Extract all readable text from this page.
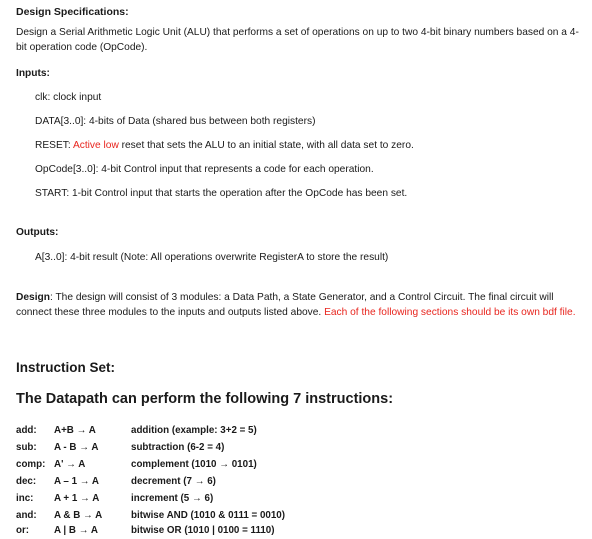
Design Specifications:
Design a Serial Arithmetic Logic Unit (ALU) that performs a set of operations on up to two 4-bit binary numbers based on a 4-bit operation code (OpCode).
Inputs:
clk: clock input
DATA[3..0]: 4-bits of Data (shared bus between both registers)
RESET: Active low reset that sets the ALU to an initial state, with all data set to zero.
OpCode[3..0]: 4-bit Control input that represents a code for each operation.
START: 1-bit Control input that starts the operation after the OpCode has been set.
Outputs:
A[3..0]: 4-bit result (Note: All operations overwrite RegisterA to store the result)
Design: The design will consist of 3 modules: a Data Path, a State Generator, and a Control Circuit. The final circuit will connect these three modules to the inputs and outputs listed above. Each of the following sections should be its own bdf file.
Instruction Set:
The Datapath can perform the following 7 instructions:
add: A+B → A	addition (example: 3+2 = 5)
sub: A - B → A	subtraction (6-2 = 4)
comp: A' → A	complement (1010 → 0101)
dec: A – 1 → A	decrement (7 → 6)
inc: A + 1 → A	increment (5 → 6)
and: A & B → A	bitwise AND (1010 & 0111 = 0010)
or:	A | B → A	bitwise OR (1010 | 0100 = 1110)
